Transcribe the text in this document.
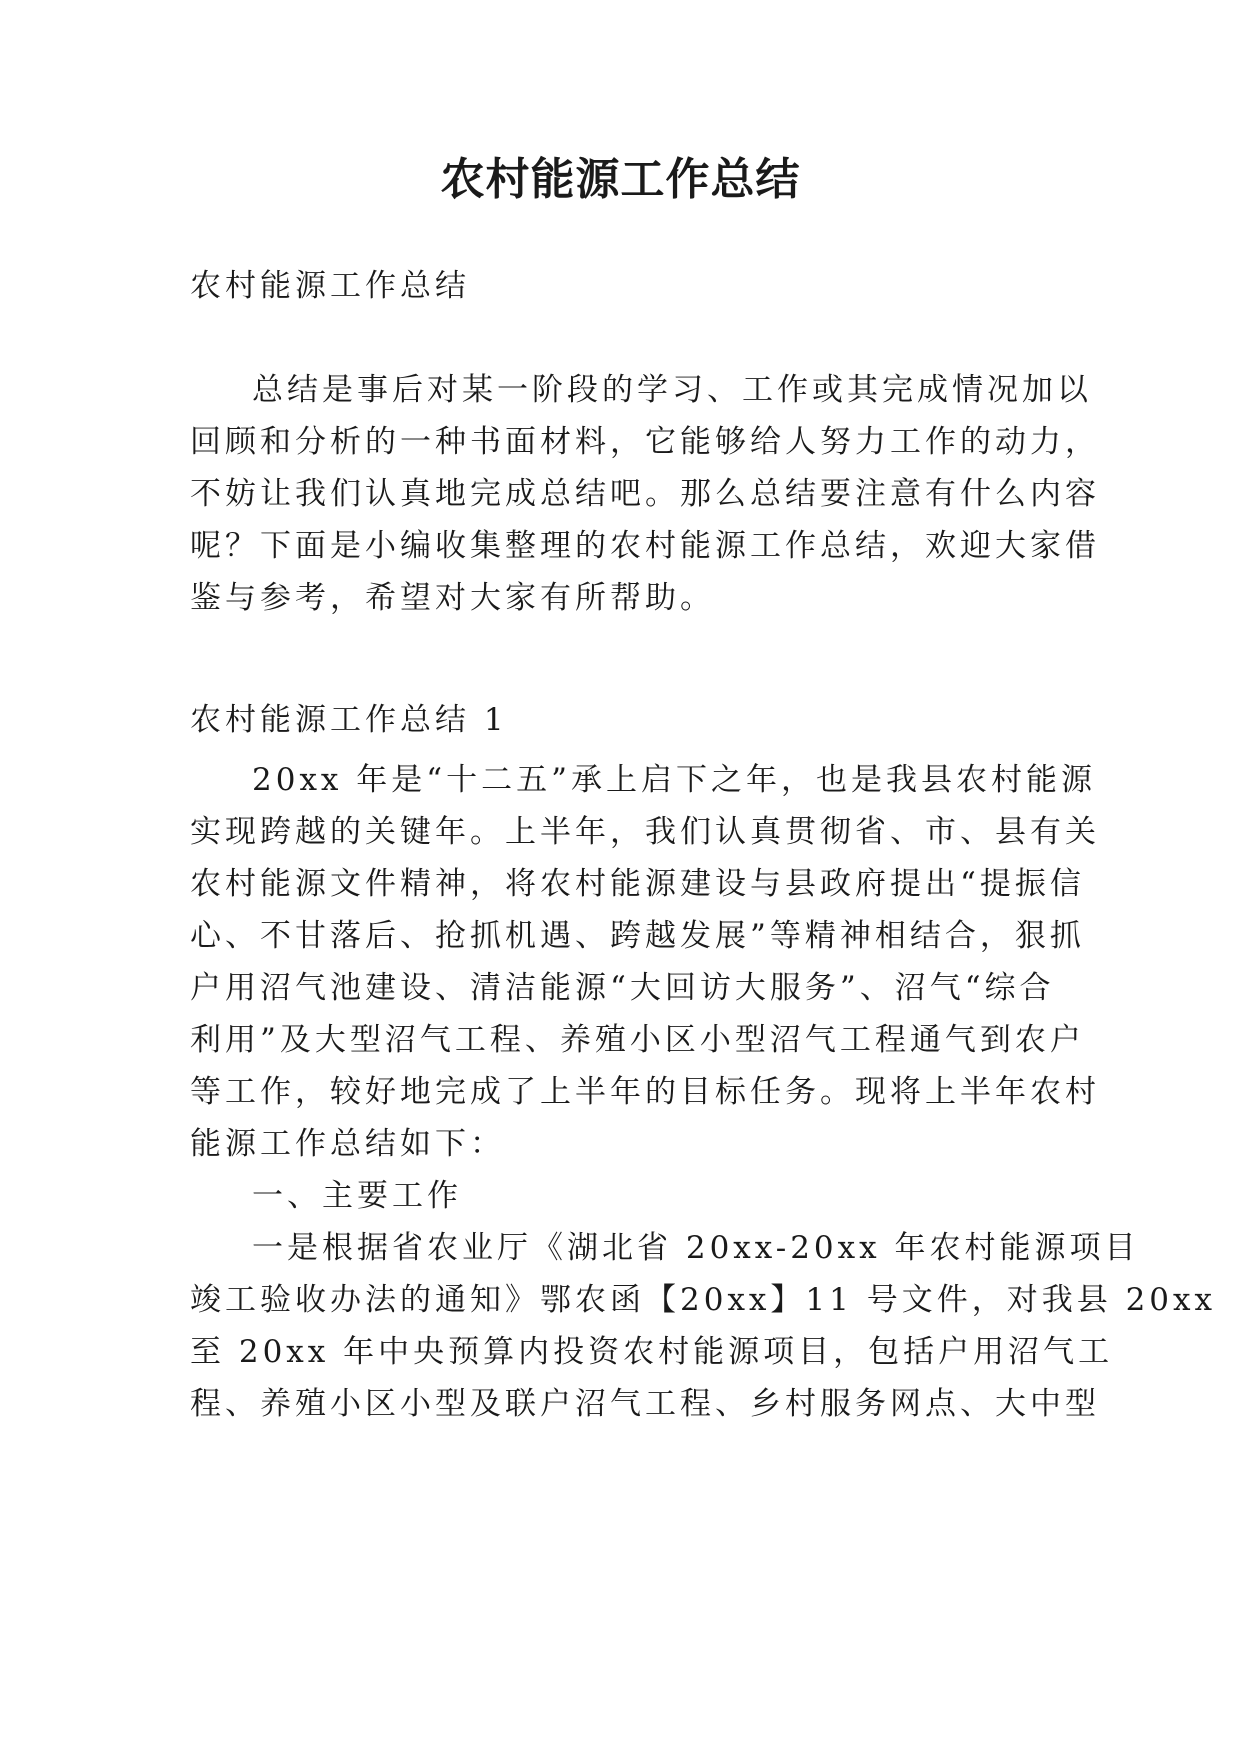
农村能源工作总结
农村能源工作总结
总结是事后对某一阶段的学习、工作或其完成情况加以
回顾和分析的一种书面材料，它能够给人努力工作的动力，
不妨让我们认真地完成总结吧。那么总结要注意有什么内容
呢？下面是小编收集整理的农村能源工作总结，欢迎大家借
鉴与参考，希望对大家有所帮助。
农村能源工作总结 1
20xx 年是“十二五”承上启下之年，也是我县农村能源
实现跨越的关键年。上半年，我们认真贯彻省、市、县有关
农村能源文件精神，将农村能源建设与县政府提出“提振信
心、不甘落后、抢抓机遇、跨越发展”等精神相结合，狠抓
户用沼气池建设、清洁能源“大回访大服务”、沼气“综合
利用”及大型沼气工程、养殖小区小型沼气工程通气到农户
等工作，较好地完成了上半年的目标任务。现将上半年农村
能源工作总结如下：
一、主要工作
一是根据省农业厅《湖北省 20xx-20xx 年农村能源项目
竣工验收办法的通知》鄂农函【20xx】11 号文件，对我县 20xx
至 20xx 年中央预算内投资农村能源项目，包括户用沼气工
程、养殖小区小型及联户沼气工程、乡村服务网点、大中型
